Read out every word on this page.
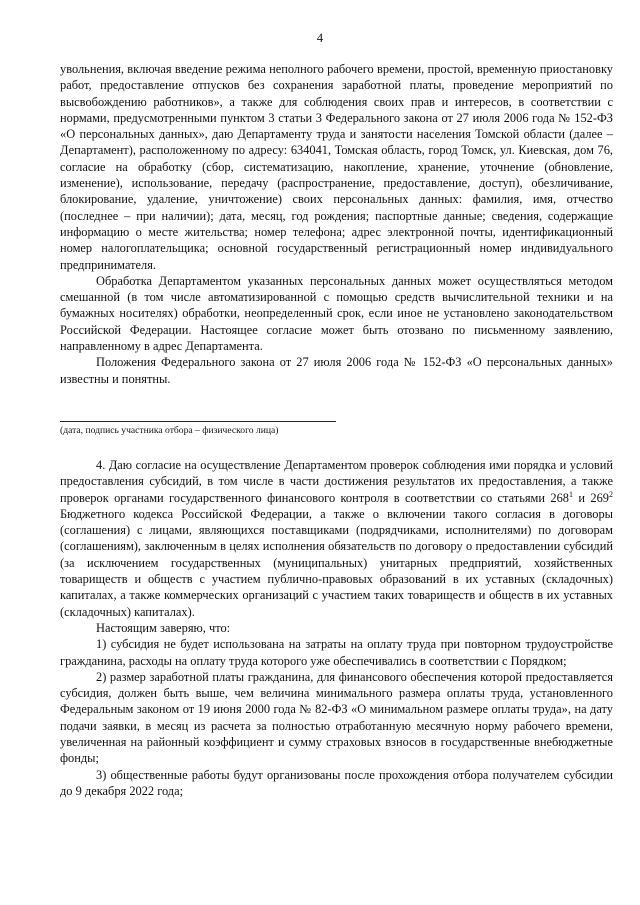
4

увольнения, включая введение режима неполного рабочего времени, простой, временную приостановку работ, предоставление отпусков без сохранения заработной платы, проведение мероприятий по высвобождению работников», а также для соблюдения своих прав и интересов, в соответствии с нормами, предусмотренными пунктом 3 статьи 3 Федерального закона от 27 июля 2006 года № 152-ФЗ «О персональных данных», даю Департаменту труда и занятости населения Томской области (далее – Департамент), расположенному по адресу: 634041, Томская область, город Томск, ул. Киевская, дом 76, согласие на обработку (сбор, систематизацию, накопление, хранение, уточнение (обновление, изменение), использование, передачу (распространение, предоставление, доступ), обезличивание, блокирование, удаление, уничтожение) своих персональных данных: фамилия, имя, отчество (последнее – при наличии); дата, месяц, год рождения; паспортные данные; сведения, содержащие информацию о месте жительства; номер телефона; адрес электронной почты, идентификационный номер налогоплательщика; основной государственный регистрационный номер индивидуального предпринимателя.

Обработка Департаментом указанных персональных данных может осуществляться методом смешанной (в том числе автоматизированной с помощью средств вычислительной техники и на бумажных носителях) обработки, неопределенный срок, если иное не установлено законодательством Российской Федерации. Настоящее согласие может быть отозвано по письменному заявлению, направленному в адрес Департамента.

Положения Федерального закона от 27 июля 2006 года № 152-ФЗ «О персональных данных» известны и понятны.

(дата, подпись участника отбора – физического лица)

4. Даю согласие на осуществление Департаментом проверок соблюдения ими порядка и условий предоставления субсидий, в том числе в части достижения результатов их предоставления, а также проверок органами государственного финансового контроля в соответствии со статьями $268^1$ и $269^2$ Бюджетного кодекса Российской Федерации, а также о включении такого согласия в договоры (соглашения) с лицами, являющихся поставщиками (подрядчиками, исполнителями) по договорам (соглашениям), заключенным в целях исполнения обязательств по договору о предоставлении субсидий (за исключением государственных (муниципальных) унитарных предприятий, хозяйственных товариществ и обществ с участием публично-правовых образований в их уставных (складочных) капиталах, а также коммерческих организаций с участием таких товариществ и обществ в их уставных (складочных) капиталах).

Настоящим заверяю, что:

1) субсидия не будет использована на затраты на оплату труда при повторном трудоустройстве гражданина, расходы на оплату труда которого уже обеспечивались в соответствии с Порядком;

2) размер заработной платы гражданина, для финансового обеспечения которой предоставляется субсидия, должен быть выше, чем величина минимального размера оплаты труда, установленного Федеральным законом от 19 июня 2000 года № 82-ФЗ «О минимальном размере оплаты труда», на дату подачи заявки, в месяц из расчета за полностью отработанную месячную норму рабочего времени, увеличенная на районный коэффициент и сумму страховых взносов в государственные внебюджетные фонды;

3) общественные работы будут организованы после прохождения отбора получателем субсидии до 9 декабря 2022 года;
